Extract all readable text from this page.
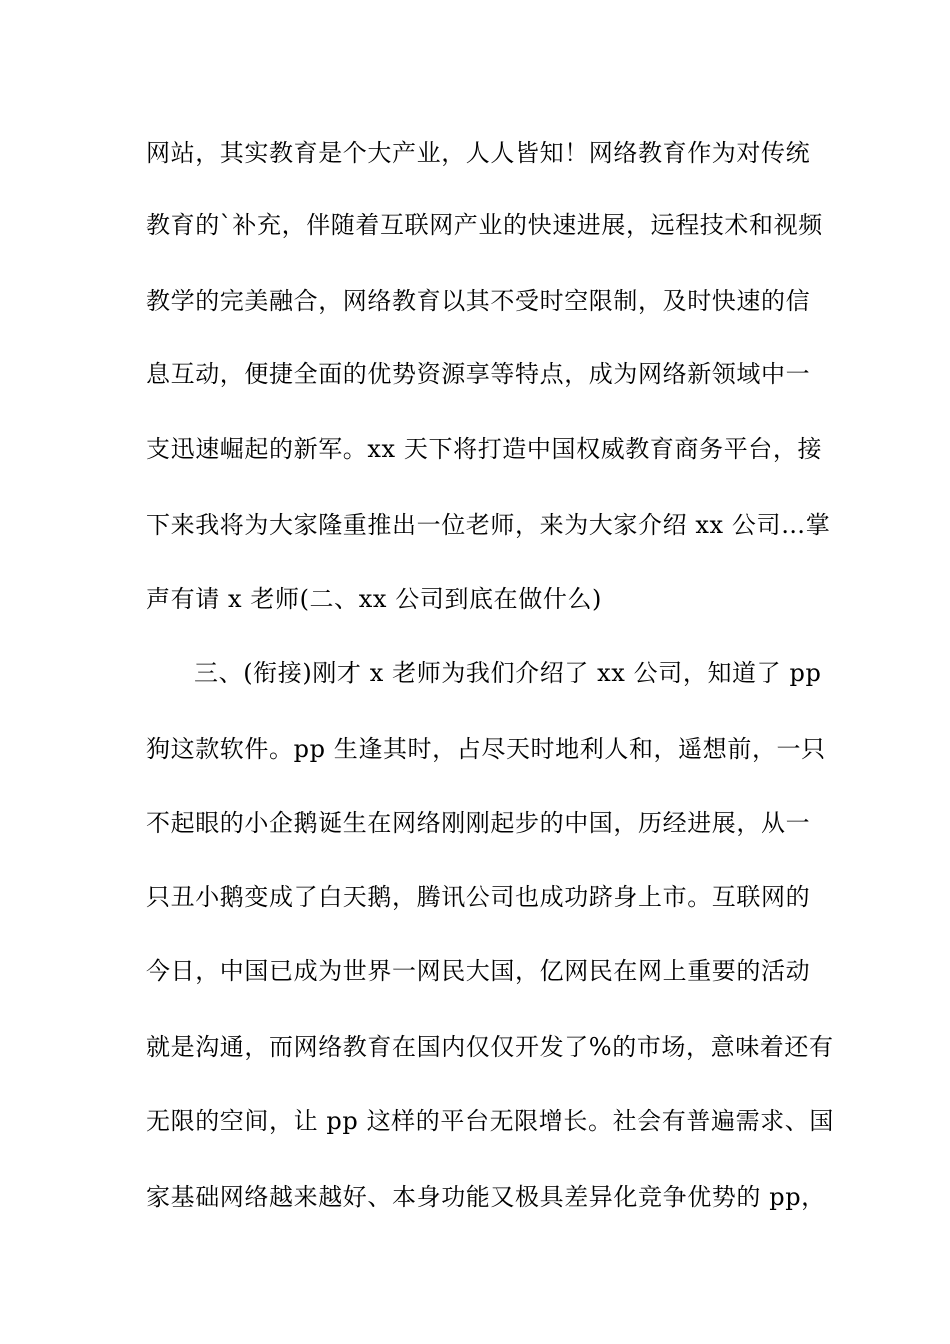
网站，其实教育是个大产业，人人皆知！网络教育作为对传统
教育的`补充，伴随着互联网产业的快速进展，远程技术和视频
教学的完美融合，网络教育以其不受时空限制，及时快速的信
息互动，便捷全面的优势资源享等特点，成为网络新领域中一
支迅速崛起的新军。xx 天下将打造中国权威教育商务平台，接
下来我将为大家隆重推出一位老师，来为大家介绍 xx 公司…掌
声有请 x 老师(二、xx 公司到底在做什么)
三、(衔接)刚才 x 老师为我们介绍了 xx 公司，知道了 pp
狗这款软件。pp 生逢其时，占尽天时地利人和，遥想前，一只
不起眼的小企鹅诞生在网络刚刚起步的中国，历经进展，从一
只丑小鹅变成了白天鹅，腾讯公司也成功跻身上市。互联网的
今日，中国已成为世界一网民大国，亿网民在网上重要的活动
就是沟通，而网络教育在国内仅仅开发了%的市场，意味着还有
无限的空间，让 pp 这样的平台无限增长。社会有普遍需求、国
家基础网络越来越好、本身功能又极具差异化竞争优势的 pp，
